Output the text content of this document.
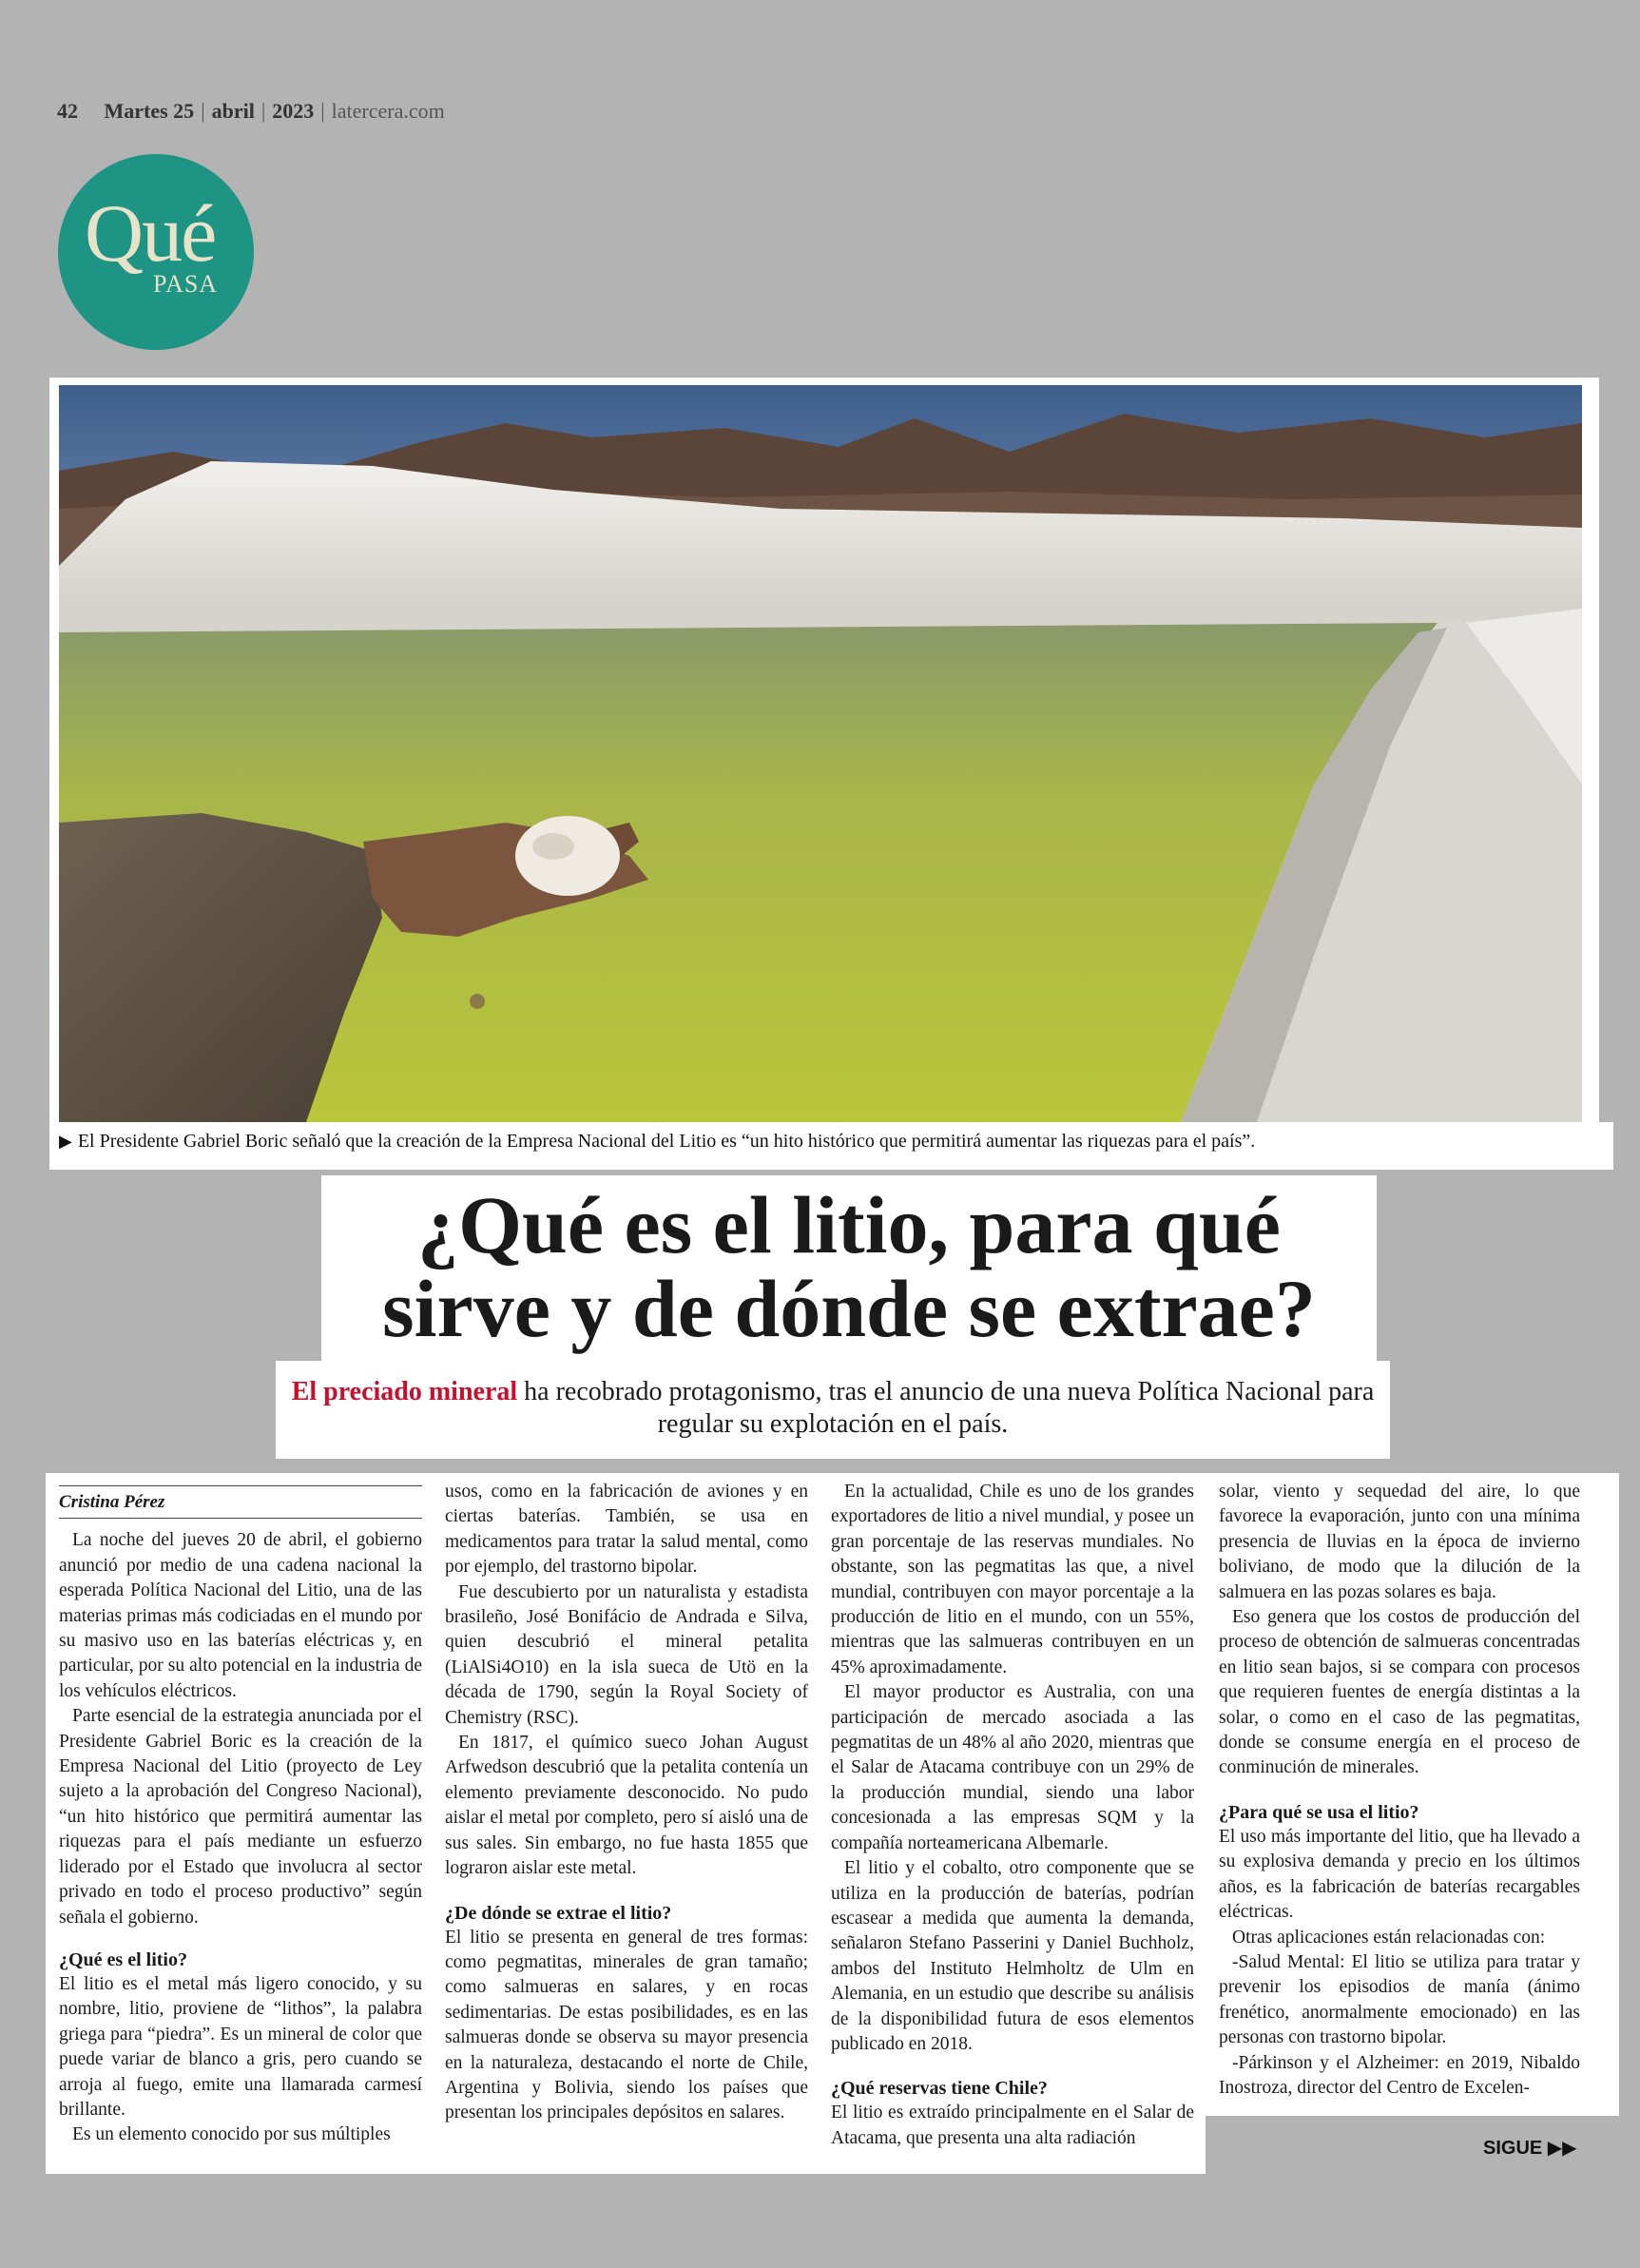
42 Martes 25 | abril | 2023 | latercera.com
Qué
PASA
▶ El Presidente Gabriel Boric señaló que la creación de la Empresa Nacional del Litio es “un hito histórico que permitirá aumentar las riquezas para el país”.
¿Qué es el litio, para qué
sirve y de dónde se extrae?
El preciado mineral ha recobrado protagonismo, tras el anuncio de una nueva Política Nacional para regular su explotación en el país.
Cristina Pérez

La noche del jueves 20 de abril, el gobierno anunció por medio de una cadena nacional la esperada Política Nacional del Litio, una de las materias primas más codiciadas en el mundo por su masivo uso en las baterías eléctricas y, en particular, por su alto potencial en la industria de los vehículos eléctricos.

Parte esencial de la estrategia anunciada por el Presidente Gabriel Boric es la creación de la Empresa Nacional del Litio (proyecto de Ley sujeto a la aprobación del Congreso Nacional), “un hito histórico que permitirá aumentar las riquezas para el país mediante un esfuerzo liderado por el Estado que involucra al sector privado en todo el proceso productivo” según señala el gobierno.

¿Qué es el litio?

El litio es el metal más ligero conocido, y su nombre, litio, proviene de “lithos”, la palabra griega para “piedra”. Es un mineral de color que puede variar de blanco a gris, pero cuando se arroja al fuego, emite una llamarada carmesí brillante.

Es un elemento conocido por sus múltiples

usos, como en la fabricación de aviones y en ciertas baterías. También, se usa en medicamentos para tratar la salud mental, como por ejemplo, del trastorno bipolar.

Fue descubierto por un naturalista y estadista brasileño, José Bonifácio de Andrada e Silva, quien descubrió el mineral petalita (LiAlSi4O10) en la isla sueca de Utö en la década de 1790, según la Royal Society of Chemistry (RSC).

En 1817, el químico sueco Johan August Arfwedson descubrió que la petalita contenía un elemento previamente desconocido. No pudo aislar el metal por completo, pero sí aisló una de sus sales. Sin embargo, no fue hasta 1855 que lograron aislar este metal.

¿De dónde se extrae el litio?

El litio se presenta en general de tres formas: como pegmatitas, minerales de gran tamaño; como salmueras en salares, y en rocas sedimentarias. De estas posibilidades, es en las salmueras donde se observa su mayor presencia en la naturaleza, destacando el norte de Chile, Argentina y Bolivia, siendo los países que presentan los principales depósitos en salares.

En la actualidad, Chile es uno de los grandes exportadores de litio a nivel mundial, y posee un gran porcentaje de las reservas mundiales. No obstante, son las pegmatitas las que, a nivel mundial, contribuyen con mayor porcentaje a la producción de litio en el mundo, con un 55%, mientras que las salmueras contribuyen en un 45% aproximadamente.

El mayor productor es Australia, con una participación de mercado asociada a las pegmatitas de un 48% al año 2020, mientras que el Salar de Atacama contribuye con un 29% de la producción mundial, siendo una labor concesionada a las empresas SQM y la compañía norteamericana Albemarle.

El litio y el cobalto, otro componente que se utiliza en la producción de baterías, podrían escasear a medida que aumenta la demanda, señalaron Stefano Passerini y Daniel Buchholz, ambos del Instituto Helmholtz de Ulm en Alemania, en un estudio que describe su análisis de la disponibilidad futura de esos elementos publicado en 2018.

¿Qué reservas tiene Chile?

El litio es extraído principalmente en el Salar de Atacama, que presenta una alta radiación

solar, viento y sequedad del aire, lo que favorece la evaporación, junto con una mínima presencia de lluvias en la época de invierno boliviano, de modo que la dilución de la salmuera en las pozas solares es baja.

Eso genera que los costos de producción del proceso de obtención de salmueras concentradas en litio sean bajos, si se compara con procesos que requieren fuentes de energía distintas a la solar, o como en el caso de las pegmatitas, donde se consume energía en el proceso de conminución de minerales.

¿Para qué se usa el litio?

El uso más importante del litio, que ha llevado a su explosiva demanda y precio en los últimos años, es la fabricación de baterías recargables eléctricas.

Otras aplicaciones están relacionadas con:

-Salud Mental: El litio se utiliza para tratar y prevenir los episodios de manía (ánimo frenético, anormalmente emocionado) en las personas con trastorno bipolar.

-Párkinson y el Alzheimer: en 2019, Nibaldo Inostroza, director del Centro de Excelen-

SIGUE ▶▶
